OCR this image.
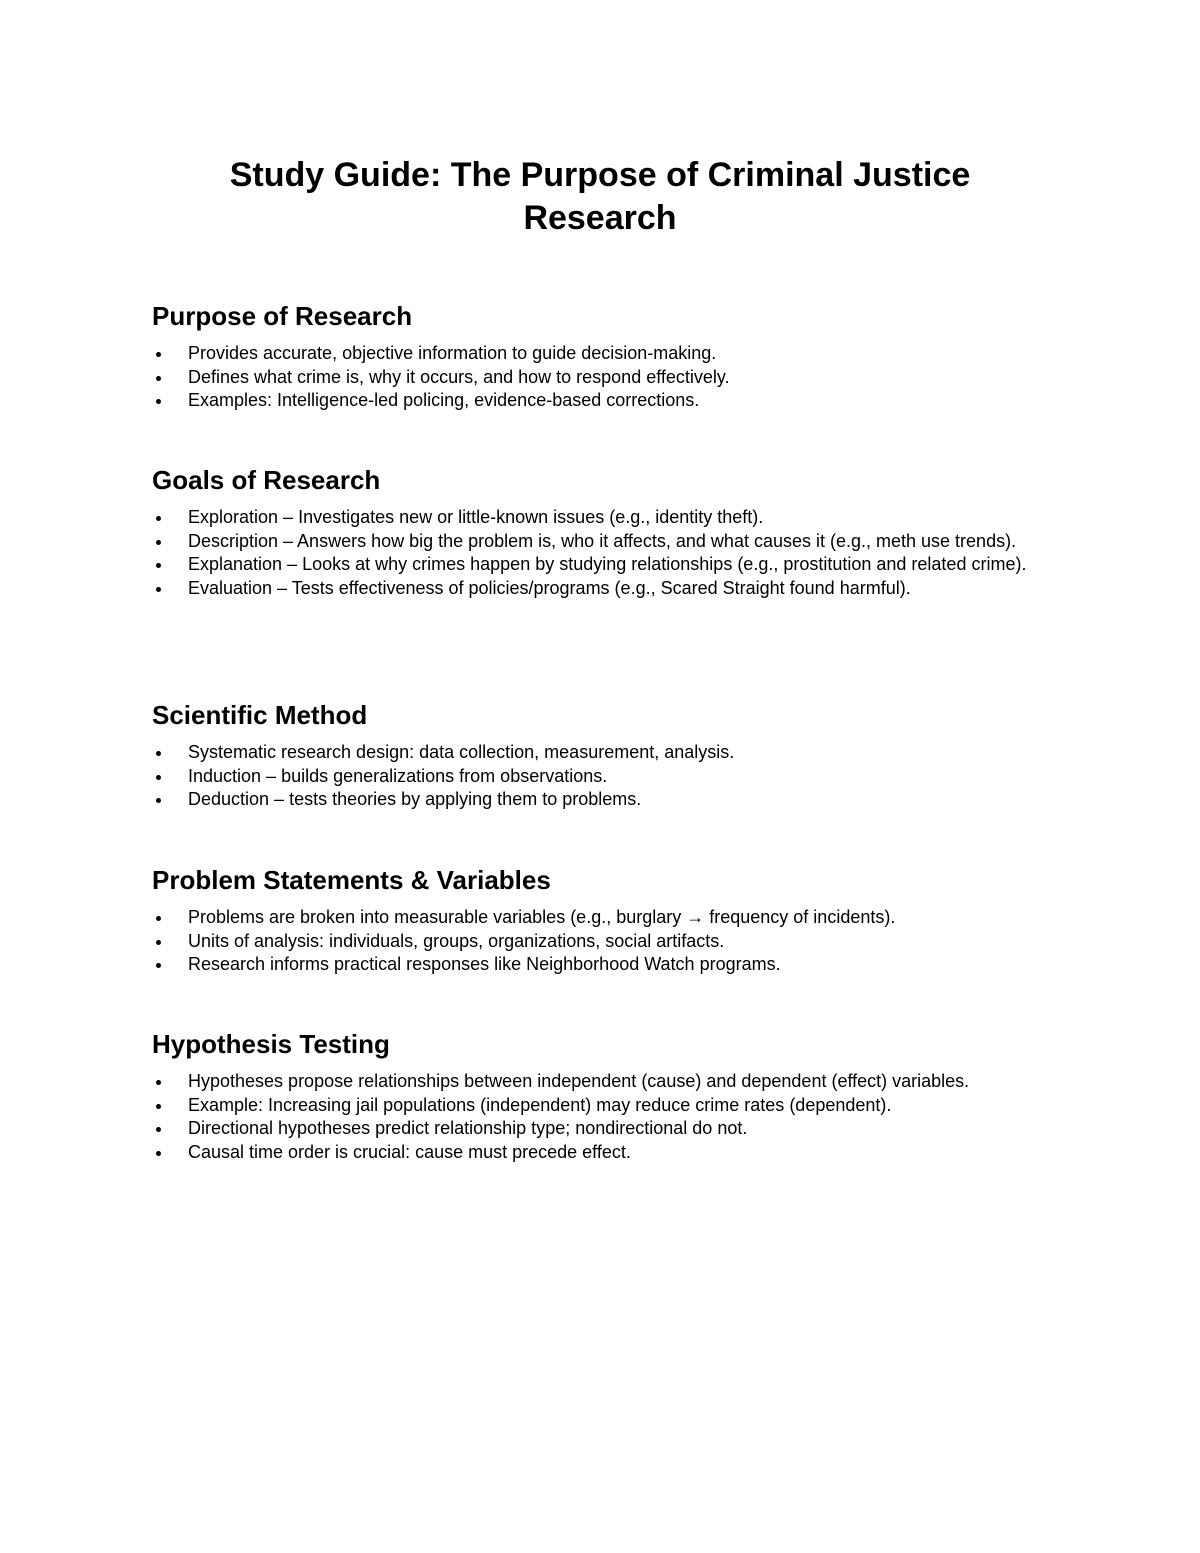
Study Guide: The Purpose of Criminal Justice Research
Purpose of Research
Provides accurate, objective information to guide decision-making.
Defines what crime is, why it occurs, and how to respond effectively.
Examples: Intelligence-led policing, evidence-based corrections.
Goals of Research
Exploration – Investigates new or little-known issues (e.g., identity theft).
Description – Answers how big the problem is, who it affects, and what causes it (e.g., meth use trends).
Explanation – Looks at why crimes happen by studying relationships (e.g., prostitution and related crime).
Evaluation – Tests effectiveness of policies/programs (e.g., Scared Straight found harmful).
Scientific Method
Systematic research design: data collection, measurement, analysis.
Induction – builds generalizations from observations.
Deduction – tests theories by applying them to problems.
Problem Statements & Variables
Problems are broken into measurable variables (e.g., burglary → frequency of incidents).
Units of analysis: individuals, groups, organizations, social artifacts.
Research informs practical responses like Neighborhood Watch programs.
Hypothesis Testing
Hypotheses propose relationships between independent (cause) and dependent (effect) variables.
Example: Increasing jail populations (independent) may reduce crime rates (dependent).
Directional hypotheses predict relationship type; nondirectional do not.
Causal time order is crucial: cause must precede effect.
